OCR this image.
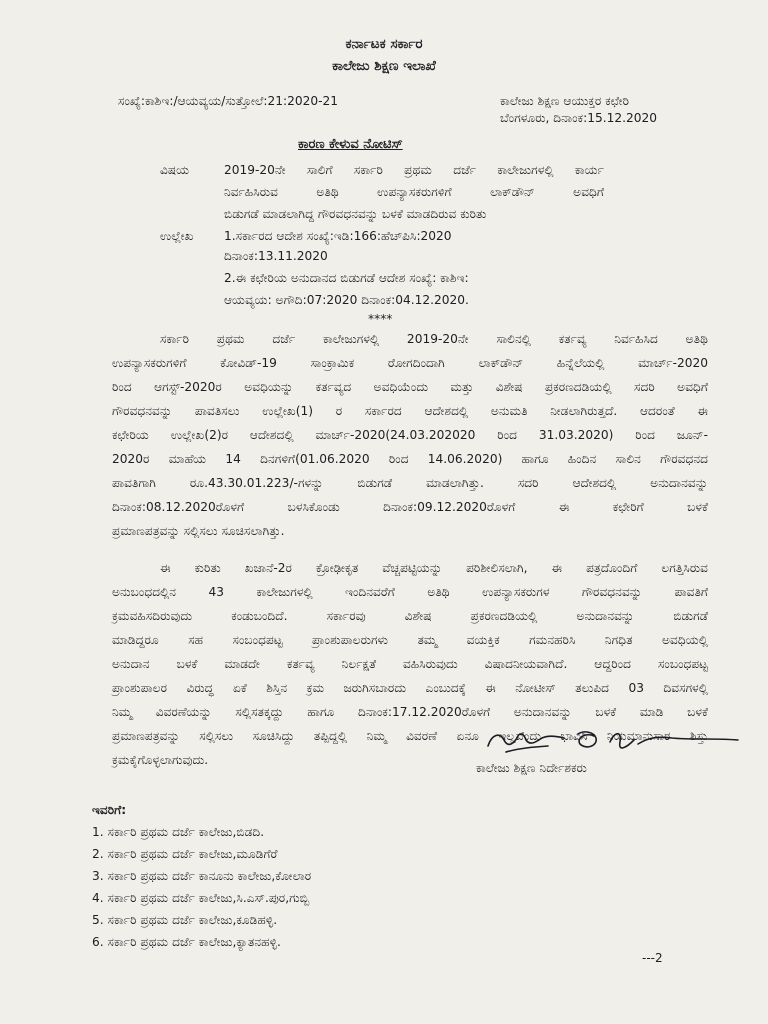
ಕರ್ನಾಟಕ ಸರ್ಕಾರ
ಕಾಲೇಜು ಶಿಕ್ಷಣ ಇಲಾಖೆ
ಸಂಖ್ಯೆ:ಕಾಶಿಇ:/ಆಯವ್ಯಯ/ಸುತ್ತೋಲೆ:21:2020-21	ಕಾಲೇಜು ಶಿಕ್ಷಣ ಆಯುಕ್ತರ ಕಛೇರಿ
ಬೆಂಗಳೂರು, ದಿನಾಂಕ:15.12.2020
ಕಾರಣ ಕೇಳುವ ನೋಟಿಸ್
ವಿಷಯ	2019-20ನೇ ಸಾಲಿಗೆ ಸರ್ಕಾರಿ ಪ್ರಥಮ ದರ್ಜೆ ಕಾಲೇಜುಗಳಲ್ಲಿ ಕಾರ್ಯ
ನಿರ್ವಹಿಸಿರುವ ಅತಿಥಿ ಉಪನ್ಯಾಸಕರುಗಳಿಗೆ ಲಾಕ್‌ಡೌನ್ ಅವಧಿಗೆ
ಬಿಡುಗಡೆ ಮಾಡಲಾಗಿದ್ದ ಗೌರವಧನವನ್ನು ಬಳಕೆ ಮಾಡದಿರುವ ಕುರಿತು
ಉಲ್ಲೇಖ 1.ಸರ್ಕಾರದ ಆದೇಶ ಸಂಖ್ಯೆ:ಇಡಿ:166:ಹೆಚ್‌ಪಿಸಿ:2020
ದಿನಾಂಕ:13.11.2020
2.ಈ ಕಛೇರಿಯ ಅನುದಾನದ ಬಿಡುಗಡೆ ಆದೇಶ ಸಂಖ್ಯೆ: ಕಾಶಿಇ:
ಆಯವ್ಯಯ: ಅಗೌದಿ:07:2020 ದಿನಾಂಕ:04.12.2020.
****
ಸರ್ಕಾರಿ ಪ್ರಥಮ ದರ್ಜೆ ಕಾಲೇಜುಗಳಲ್ಲಿ 2019-20ನೇ ಸಾಲಿನಲ್ಲಿ ಕರ್ತವ್ಯ ನಿರ್ವಹಿಸಿದ ಅತಿಥಿ
ಉಪನ್ಯಾಸಕರುಗಳಿಗೆ ಕೋವಿಡ್-19 ಸಾಂಕ್ರಾಮಿಕ ರೋಗದಿಂದಾಗಿ ಲಾಕ್‌ಡೌನ್ ಹಿನ್ನೆಲೆಯಲ್ಲಿ ಮಾರ್ಚ್-2020
ರಿಂದ ಆಗಸ್ಟ್-2020ರ ಅವಧಿಯನ್ನು ಕರ್ತವ್ಯದ ಅವಧಿಯೆಂದು ಮತ್ತು ವಿಶೇಷ ಪ್ರಕರಣದಡಿಯಲ್ಲಿ ಸದರಿ ಅವಧಿಗೆ
ಗೌರವಧನವನ್ನು ಪಾವತಿಸಲು ಉಲ್ಲೇಖ(1) ರ ಸರ್ಕಾರದ ಆದೇಶದಲ್ಲಿ ಅನುಮತಿ ನೀಡಲಾಗಿರುತ್ತದೆ. ಆದರಂತೆ ಈ
ಕಛೇರಿಯ ಉಲ್ಲೇಖ(2)ರ ಆದೇಶದಲ್ಲಿ ಮಾರ್ಚ್-2020(24.03.202020 ರಿಂದ 31.03.2020) ರಿಂದ ಜೂನ್-
2020ರ ಮಾಹೆಯ 14 ದಿನಗಳಿಗೆ(01.06.2020 ರಿಂದ 14.06.2020) ಹಾಗೂ ಹಿಂದಿನ ಸಾಲಿನ ಗೌರವಧನದ
ಪಾವತಿಗಾಗಿ ರೂ.43.30.01.223/-ಗಳನ್ನು ಬಿಡುಗಡೆ ಮಾಡಲಾಗಿತ್ತು. ಸದರಿ ಆದೇಶದಲ್ಲಿ ಅನುದಾನವನ್ನು
ದಿನಾಂಕ:08.12.2020ರೊಳಗೆ ಬಳಸಿಕೊಂಡು ದಿನಾಂಕ:09.12.2020ರೊಳಗೆ ಈ ಕಛೇರಿಗೆ ಬಳಕೆ
ಪ್ರಮಾಣಪತ್ರವನ್ನು ಸಲ್ಲಿಸಲು ಸೂಚಿಸಲಾಗಿತ್ತು.
ಈ ಕುರಿತು ಖಜಾನೆ-2ರ ಕ್ರೋಢೀಕೃತ ವೆಚ್ಚಪಟ್ಟಿಯನ್ನು ಪರಿಶೀಲಿಸಲಾಗಿ, ಈ ಪತ್ರದೊಂದಿಗೆ ಲಗತ್ತಿಸಿರುವ
ಅನುಬಂಧದಲ್ಲಿನ 43 ಕಾಲೇಜುಗಳಲ್ಲಿ ಇಂದಿನವರೆಗೆ ಅತಿಥಿ ಉಪನ್ಯಾಸಕರುಗಳ ಗೌರವಧನವನ್ನು ಪಾವತಿಗೆ
ಕ್ರಮವಹಿಸದಿರುವುದು ಕಂಡುಬಂದಿದೆ. ಸರ್ಕಾರವು ವಿಶೇಷ ಪ್ರಕರಣದಡಿಯಲ್ಲಿ ಅನುದಾನವನ್ನು ಬಿಡುಗಡೆ
ಮಾಡಿದ್ದರೂ ಸಹ ಸಂಬಂಧಪಟ್ಟ ಪ್ರಾಂಶುಪಾಲರುಗಳು ತಮ್ಮ ವಯಕ್ತಿಕ ಗಮನಹರಿಸಿ ನಿಗಧಿತ ಅವಧಿಯಲ್ಲಿ
ಅನುದಾನ ಬಳಕೆ ಮಾಡದೇ ಕರ್ತವ್ಯ ನಿರ್ಲಕ್ಷತೆ ವಹಿಸಿರುವುದು ವಿಷಾದನೀಯವಾಗಿದೆ. ಆದ್ದರಿಂದ ಸಂಬಂಧಪಟ್ಟ
ಪ್ರಾಂಶುಪಾಲರ ವಿರುದ್ಧ ಏಕೆ ಶಿಸ್ತಿನ ಕ್ರಮ ಜರುಗಿಸಬಾರದು ಎಂಬುದಕ್ಕೆ ಈ ನೋಟೀಸ್ ತಲುಪಿದ 03 ದಿವಸಗಳಲ್ಲಿ
ನಿಮ್ಮ ವಿವರಣೆಯನ್ನು ಸಲ್ಲಿಸತಕ್ಕದ್ದು ಹಾಗೂ ದಿನಾಂಕ:17.12.2020ರೊಳಗೆ ಅನುದಾನವನ್ನು ಬಳಕೆ ಮಾಡಿ ಬಳಕೆ
ಪ್ರಮಾಣಪತ್ರವನ್ನು ಸಲ್ಲಿಸಲು ಸೂಚಿಸಿದ್ದು ತಪ್ಪಿದ್ದಲ್ಲಿ ನಿಮ್ಮ ವಿವರಣೆ ಏನೂ ಇಲ್ಲವೆಂದು ಭಾವಿಸಿ ನಿಯಮಾನುಸಾರ ಶಿಸ್ತು
ಕ್ರಮಕೈಗೊಳ್ಳಲಾಗುವುದು.
ಕಾಲೇಜು ಶಿಕ್ಷಣ ನಿರ್ದೇಶಕರು
ಇವರಿಗೆ:
1. ಸರ್ಕಾರಿ ಪ್ರಥಮ ದರ್ಜೆ ಕಾಲೇಜು,ಬಿಡದಿ.
2. ಸರ್ಕಾರಿ ಪ್ರಥಮ ದರ್ಜೆ ಕಾಲೇಜು,ಮೂಡಿಗೆರೆ
3. ಸರ್ಕಾರಿ ಪ್ರಥಮ ದರ್ಜೆ ಕಾನೂನು ಕಾಲೇಜು,ಕೋಲಾರ
4. ಸರ್ಕಾರಿ ಪ್ರಥಮ ದರ್ಜೆ ಕಾಲೇಜು,ಸಿ.ಎಸ್.ಪುರ,ಗುಬ್ಬಿ
5. ಸರ್ಕಾರಿ ಪ್ರಥಮ ದರ್ಜೆ ಕಾಲೇಜು,ಕೂಡಿಹಳ್ಳಿ.
6. ಸರ್ಕಾರಿ ಪ್ರಥಮ ದರ್ಜೆ ಕಾಲೇಜು,ಕ್ಯಾತನಹಳ್ಳಿ.
---2
